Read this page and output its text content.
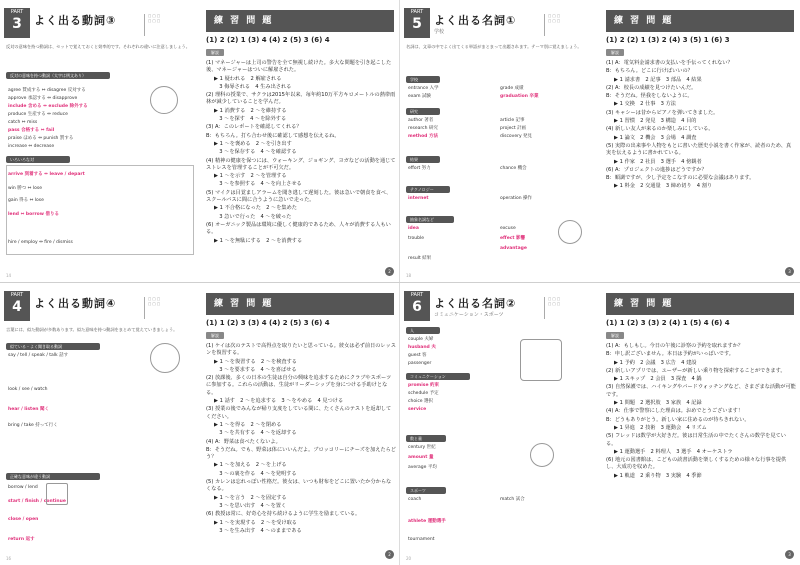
PART
3	よく出る動詞③	□ □ □
□ □ □
反対の意味を持つ動詞は、セットで覚えておくと効率的です。それぞれの違いに注意しましょう。
反対の意味を持つ動詞（太字は例文あり）
agree 賛成する ⇔ disagree 反対する
approve 承認する ⇔ disapprove
include 含める ⇔ exclude 除外する
produce 生産する ⇔ reduce
catch ⇔ miss
pass 合格する ⇔ fail
praise ほめる ⇔ punish 罰する
increase ⇔ decrease
いろいろな対
arrive 到着する ⇔ leave / depart
win 勝つ ⇔ lose
gain 得る ⇔ lose
lend ⇔ borrow 借りる
hire / employ ⇔ fire / dismiss
14
練 習 問 題
(1) 2 (2) 1 (3) 4 (4) 2 (5) 3 (6) 4
解説

(1) マネージャーは上司の警告を全て無視し続けた。多大な問題を引き起こした後、マネージャーはついに解雇された。

▶ 1 疑われる　2 解雇される

　3 侮辱される　4 生み出される

(2) 理科の授業で、サクラは2015年以来、毎年約10万平方キロメートルの熱帯雨林が減少していることを学んだ。

▶ 1 消費する　2 ～を維持する

　3 ～を探す　4 ～を除外する

(3) A：このレポートを確認してくれる？

B：もちろん。打ち合わせ後に確認して感想を伝えるね。

▶ 1 ～を褒める　2 ～を引き出す

　3 ～を保存する　4 ～を確認する

(4) 精神の健康を保つには、ウォーキング、ジョギング、ヨガなどの活動を通じてストレスを管理することが不可欠だ。

▶ 1 ～を示す　2 ～を管理する

　3 ～を参照する　4 ～を向上させる

(5) マイクは目覚ましアラームを聞き逃して遅刻した。彼は急いで朝食を食べ、スクールバスに間に合うように急いで走った。

▶ 1 不合格になった　2 ～を集めた

　3 急いで行った　4 ～を破った

(6) オーガニック製品は環境に優しく健康的であるため、人々が消費する人もいる。

▶ 1 ～を無駄にする　2 ～を消費する

2
PART
5	よく出る名詞①
学校
□ □ □
□ □ □
名詞は、文章の中でよく出てくる単語がまとまって出題されます。テーマ別に覚えましょう。
学校
entrance 入学	grade 成績
exam 試験	graduation 卒業
研究
author 著者	article 記事
research 研究	project 計画
method 方法	discovery 発見
結果
effort 努力	chance 機会
テクノロジー
internet	operation 操作
抽象名詞など
idea	excuse
trouble	effect 影響
advantage
result 結果
18
練 習 問 題
(1) 2 (2) 1 (3) 2 (4) 3 (5) 1 (6) 3
解説

(1) A：電気料金請求書の支払いを手伝ってくれない？

B：もちろん。どこに行けばいいの？

▶ 1 請求書　2 記事　3 部品　4 結果

(2) A：校長の成績を見つけたいんだ。

B：そうだね。怪我をしないように。

▶ 1 交換　2 仕事　3 方法

(3) キャシーは昔からピアノを弾いてきました。

▶ 1 習慣　2 発見　3 構造　4 目的

(4) 新しい友人が来るのか楽しみにしている。

▶ 1 論文　2 機会　3 会場　4 調査

(5) 実際の出来事や人物をもとに書いた歴史小説を書く作家が、読者のため、真実を伝えるように書かれている。

▶ 1 作家　2 社員　3 選手　4 傍観者

(6) A：プロジェクトの進捗はどうですか？

B：順調ですが、少し予定をこなすのに必要な会議はあります。

▶ 1 料金　2 交通量　3 締め切り　4 割り

3
PART
4	よく出る動詞④	□ □ □
□ □ □
言葉には、似た動詞が多数あります。似た意味を持つ動詞をまとめて覚えていきましょう。
似ている・よく聞き取る動詞
say / tell / speak / talk 話す
look / see / watch
hear / listen 聞く
bring / take 持って行く
正確な意味が違う動詞
borrow / lend
start / finish / continue
close / open
return 返す
16
練 習 問 題
(1) 1 (2) 3 (3) 4 (4) 2 (5) 3 (6) 4
解説

(1) ケイは次のテストで高得点を取りたいと思っている。彼女は必ず前日のレッスンを復習する。

▶ 1 ～を復習する　2 ～を検査する

　3 ～を要求する　4 ～を喜ばせる

(2) 放課後、多くの日本の生徒は自分の興味を追求するためにクラブやスポーツに参加する。これらの活動は、生徒がリーダーシップを身につける手助けとなる。

▶ 1 話す　2 ～を追求する　3 ～をやめる　4 見つける

(3) 授業の後でみんなが帰り支度をしている間に、たくさんのテストを返却してください。

▶ 1 ～を得る　2 ～を閉める

　3 ～を共有する　4 ～を返却する

(4) A：野菜は食べたくないよ。

B：そうだね。でも、野菜は体にいいんだよ。ブロッコリーにチーズを加えたらどう？

▶ 1 ～を加える　2 ～を上げる

　3 ～の裏を作る　4 ～を発明する

(5) カレンは忘れっぽい性格だ。彼女は、いつも財布をどこに置いたか分からなくなる。

▶ 1 ～を言う　2 ～を固定する

　3 ～を思い出す　4 ～を置く

(6) 教授は常に、好奇心を持ち続けるように学生を励ましている。

▶ 1 ～を実現する　2 ～を受け取る

　3 ～を生み出す　4 ～のままである

2
PART
6	よく出る名詞②
コミュニケーション・スポーツ
□ □ □
□ □ □
人
couple 夫婦
husband 夫
guest 客
passenger
コミュニケーション
promise 約束
schedule 予定
choice 選択
service
数と量
century 世紀
amount 量
average 平均
スポーツ
coach	match 試合
athlete 運動選手
tournament
20
練 習 問 題
(1) 1 (2) 3 (3) 2 (4) 1 (5) 4 (6) 4
解説

(1) A：もしもし。今日の午後に診察の予約を取れますか？

B：申し訳ございません。本日は予約がいっぱいです。

▶ 1 予約　2 会議　3 広告　4 建設

(2) 新しいアプリでは、ユーザーが新しい乗り物を探索することができます。

▶ 1 スキップ　2 会員　3 探査　4 鍋

(3) 自然保護では、ハイキングやバードウォッチングなど、さまざまな活動が可能です。

▶ 1 問題　2 選択肢　3 家族　4 記録

(4) A：仕事で警察にした理由は。おめでとうございます！

B：どうもありがとう。新しい家に住めるのが待ちきれない。

▶ 1 昇進　2 技術　3 運動会　4 リズム

(5) フレッドは数学が大好きだ。彼は日常生活の中でたくさんの数学を見ている。

▶ 1 運動選手　2 料理人　3 選手　4 オーケストラ

(6) 地元の図書館は、こどもの読書活動を楽しくするための様々な行事を提供し、大成功を収めた。

▶ 1 軌道　2 乗り物　3 実験　4 季節

3
